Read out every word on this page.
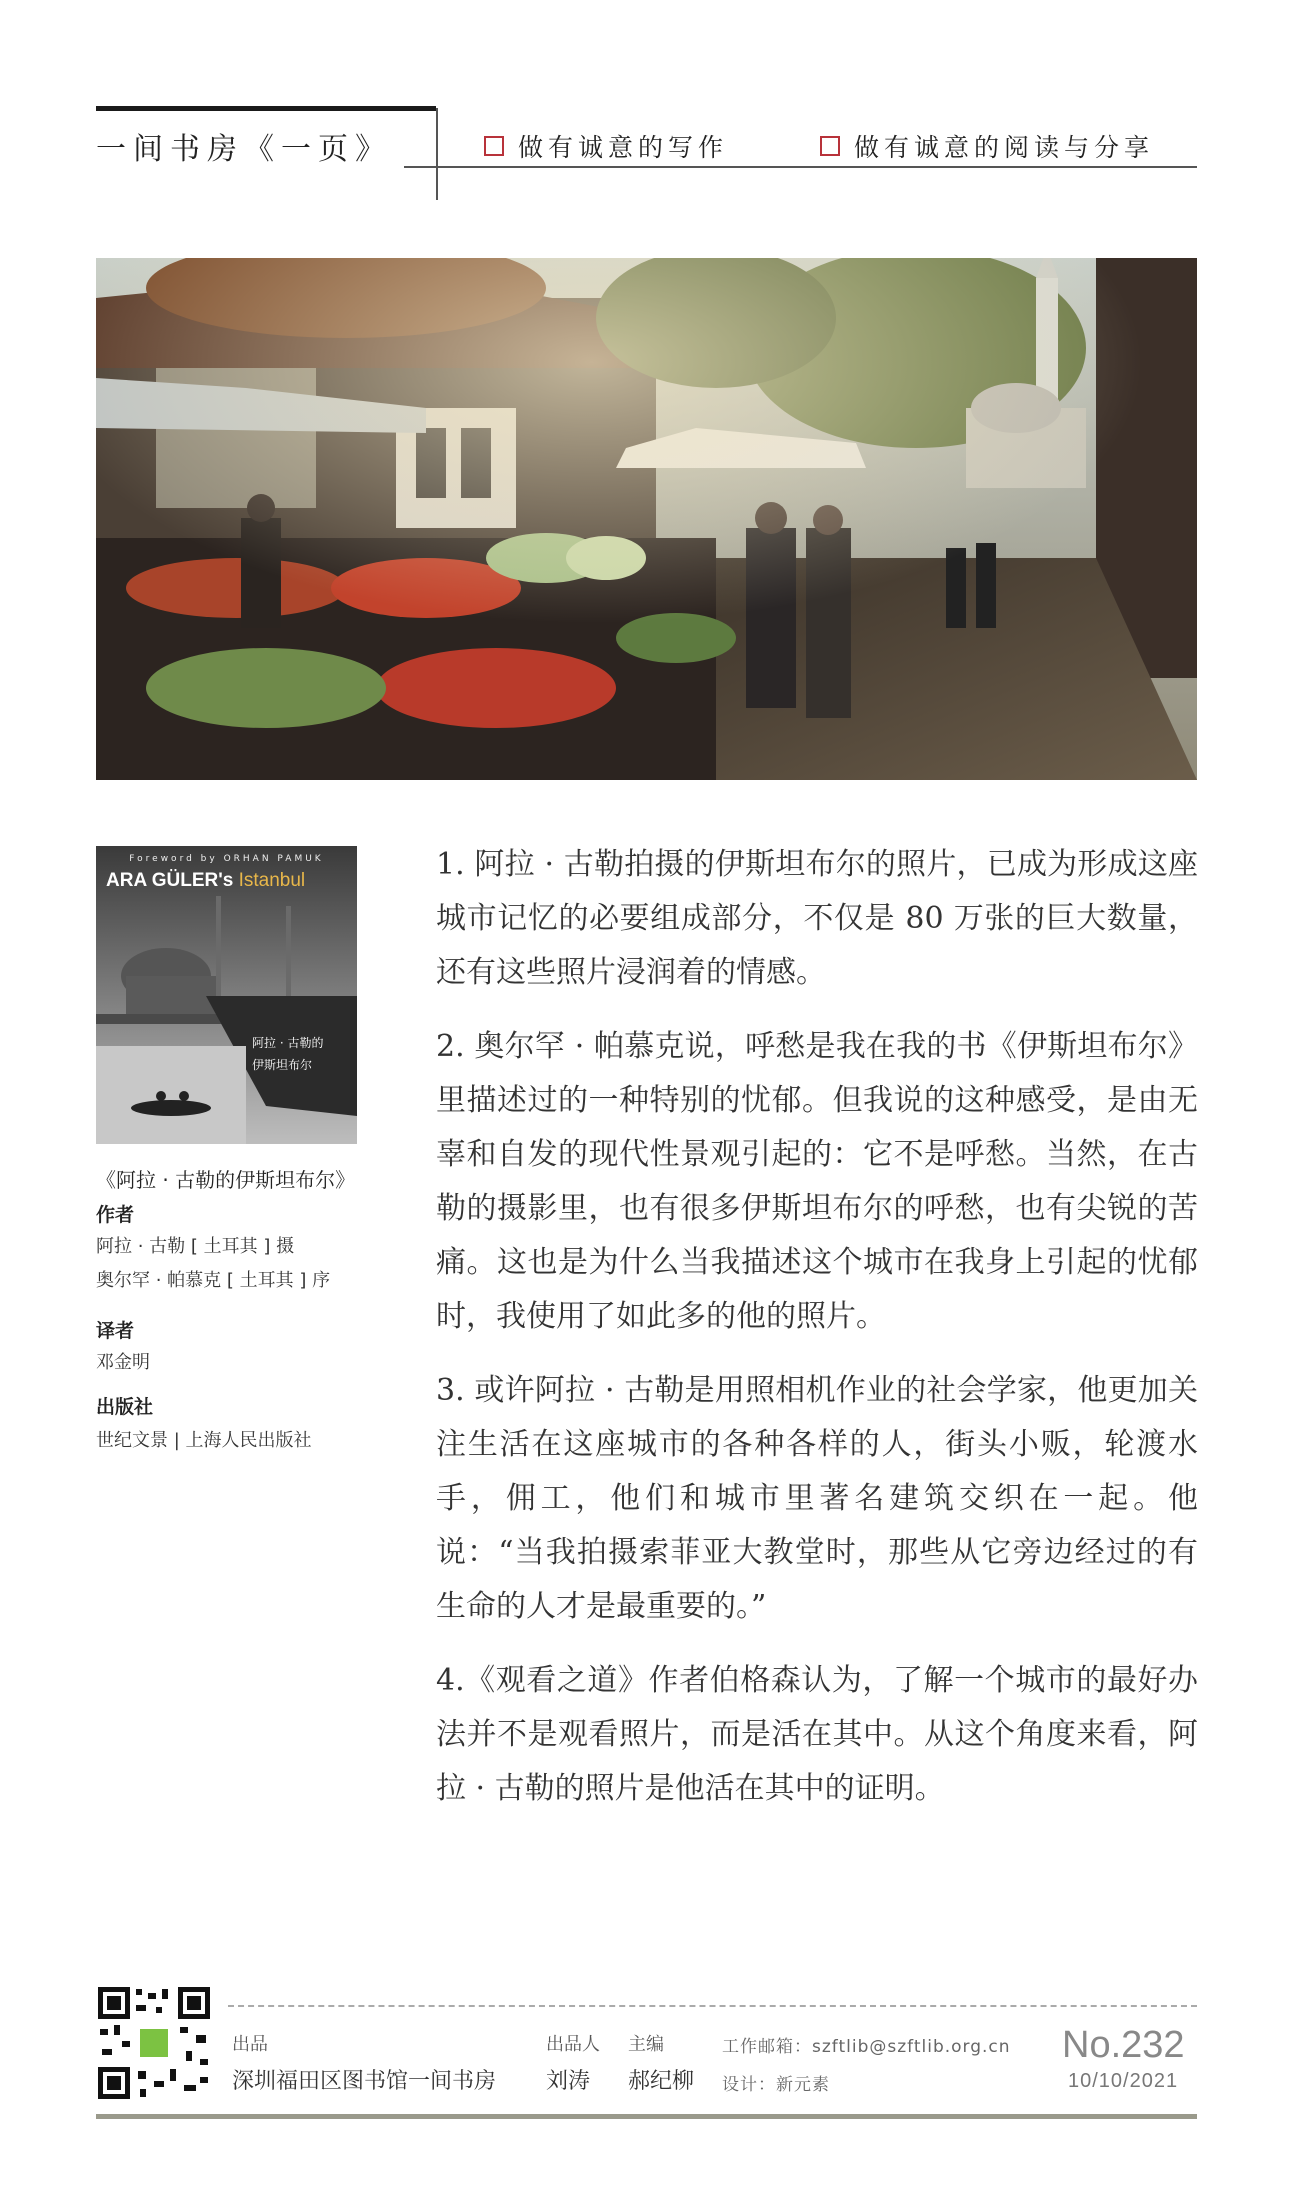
一间书房《一页》	做有诚意的写作	做有诚意的阅读与分享
Foreword by ORHAN PAMUK
ARA GÜLER's Istanbul
阿拉 · 古勒的
伊斯坦布尔
《阿拉 · 古勒的伊斯坦布尔》
作者
阿拉 · 古勒 [ 土耳其 ] 摄
奥尔罕 · 帕慕克 [ 土耳其 ] 序
译者
邓金明
出版社
世纪文景 | 上海人民出版社

1. 阿拉 · 古勒拍摄的伊斯坦布尔的照片，已成为形成这座城市记忆的必要组成部分，不仅是 80 万张的巨大数量，还有这些照片浸润着的情感。

2. 奥尔罕 · 帕慕克说，呼愁是我在我的书《伊斯坦布尔》里描述过的一种特别的忧郁。但我说的这种感受，是由无辜和自发的现代性景观引起的：它不是呼愁。当然，在古勒的摄影里，也有很多伊斯坦布尔的呼愁，也有尖锐的苦痛。这也是为什么当我描述这个城市在我身上引起的忧郁时，我使用了如此多的他的照片。

3. 或许阿拉 · 古勒是用照相机作业的社会学家，他更加关注生活在这座城市的各种各样的人，街头小贩，轮渡水手，佣工，他们和城市里著名建筑交织在一起。他说：“当我拍摄索菲亚大教堂时，那些从它旁边经过的有生命的人才是最重要的。”

4.《观看之道》作者伯格森认为，了解一个城市的最好办法并不是观看照片，而是活在其中。从这个角度来看，阿拉 · 古勒的照片是他活在其中的证明。

出品
深圳福田区图书馆一间书房
出品人
刘涛
主编
郝纪柳
工作邮箱：szftlib@szftlib.org.cn
设计：新元素
No.232
10/10/2021
